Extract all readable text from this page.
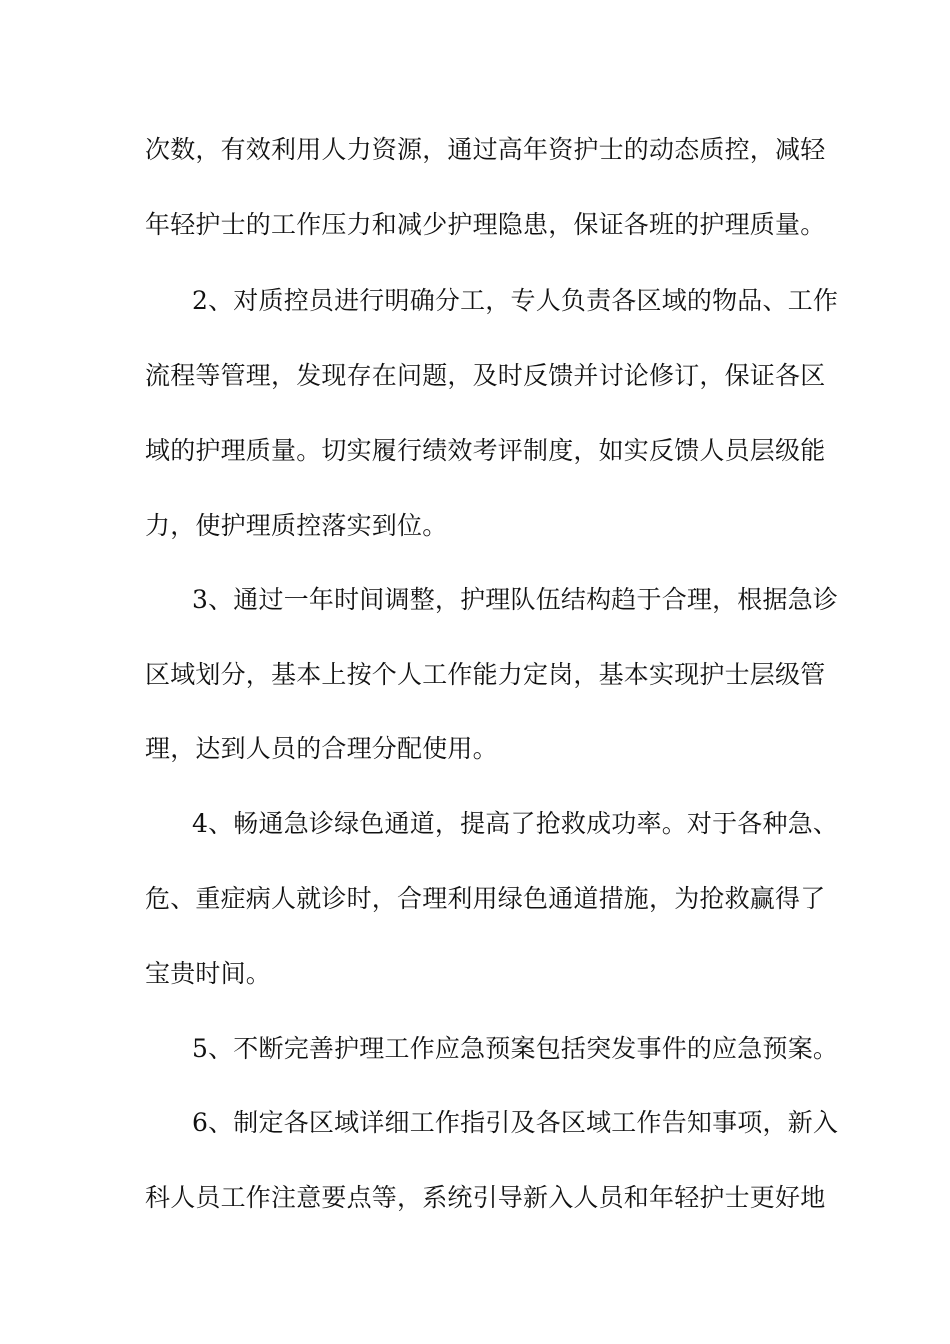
次数，有效利用人力资源，通过高年资护士的动态质控，减轻
年轻护士的工作压力和减少护理隐患，保证各班的护理质量。
2、对质控员进行明确分工，专人负责各区域的物品、工作
流程等管理，发现存在问题，及时反馈并讨论修订，保证各区
域的护理质量。切实履行绩效考评制度，如实反馈人员层级能
力，使护理质控落实到位。
3、通过一年时间调整，护理队伍结构趋于合理，根据急诊
区域划分，基本上按个人工作能力定岗，基本实现护士层级管
理，达到人员的合理分配使用。
4、畅通急诊绿色通道，提高了抢救成功率。对于各种急、
危、重症病人就诊时，合理利用绿色通道措施，为抢救赢得了
宝贵时间。
5、不断完善护理工作应急预案包括突发事件的应急预案。
6、制定各区域详细工作指引及各区域工作告知事项，新入
科人员工作注意要点等，系统引导新入人员和年轻护士更好地
